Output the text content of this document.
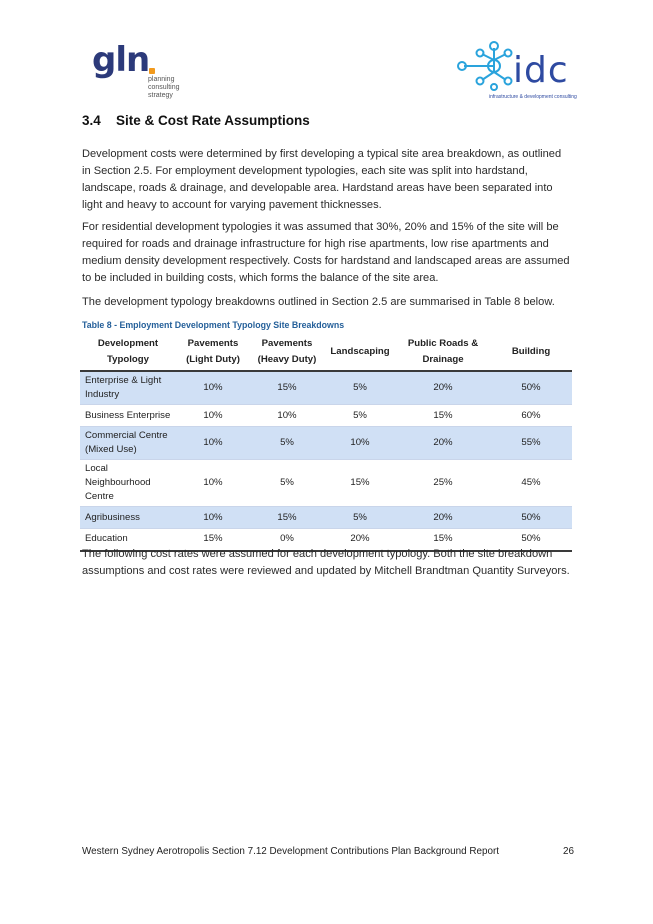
gln
planning
consulting
strategy
idc
infrastructure & development consulting
3.4 Site & Cost Rate Assumptions

Development costs were determined by first developing a typical site area breakdown, as outlined in Section 2.5. For employment development typologies, each site was split into hardstand, landscape, roads & drainage, and developable area. Hardstand areas have been separated into light and heavy to account for varying pavement thicknesses.

For residential development typologies it was assumed that 30%, 20% and 15% of the site will be required for roads and drainage infrastructure for high rise apartments, low rise apartments and medium density development respectively. Costs for hardstand and landscaped areas are assumed to be included in building costs, which forms the balance of the site area.

The development typology breakdowns outlined in Section 2.5 are summarised in Table 8 below.

Table 8 - Employment Development Typology Site Breakdowns
Development Typology	Pavements (Light Duty)	Pavements (Heavy Duty)	Landscaping	Public Roads & Drainage	Building
Enterprise & Light Industry	10%	15%	5%	20%	50%
Business Enterprise	10%	10%	5%	15%	60%
Commercial Centre (Mixed Use)	10%	5%	10%	20%	55%
Local Neighbourhood Centre	10%	5%	15%	25%	45%
Agribusiness	10%	15%	5%	20%	50%
Education	15%	0%	20%	15%	50%

The following cost rates were assumed for each development typology. Both the site breakdown assumptions and cost rates were reviewed and updated by Mitchell Brandtman Quantity Surveyors.

Western Sydney Aerotropolis Section 7.12 Development Contributions Plan Background Report	26
